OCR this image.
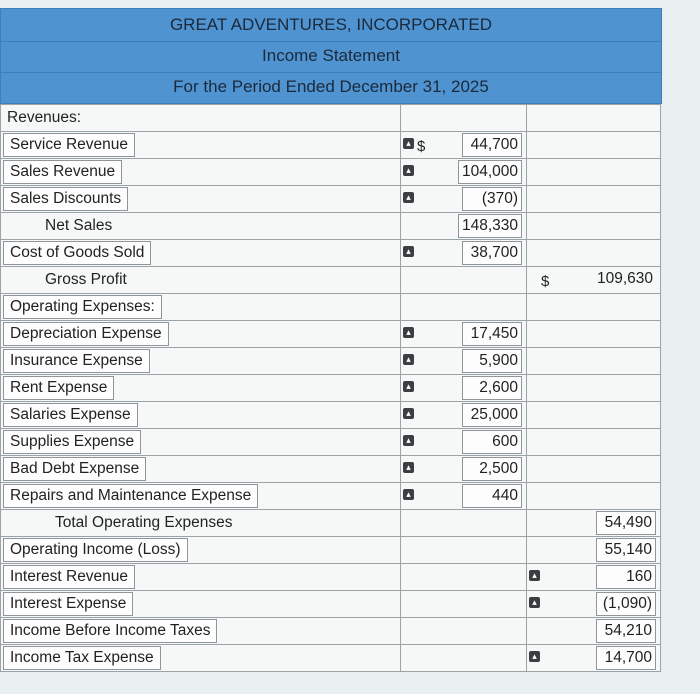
GREAT ADVENTURES, INCORPORATED
Income Statement
For the Period Ended December 31, 2025
Revenues:		
Service Revenue	▴ $ 44,700	

Sales Revenue	▴ 104,000	

Sales Discounts	▴ (370)	

Net Sales	148,330	

Cost of Goods Sold	▴ 38,700	

Gross Profit		$ 109,630

Operating Expenses:		
Depreciation Expense	▴ 17,450	

Insurance Expense	▴ 5,900	

Rent Expense	▴ 2,600	

Salaries Expense	▴ 25,000	

Supplies Expense	▴ 600	

Bad Debt Expense	▴ 2,500	

Repairs and Maintenance Expense	▴ 440	

Total Operating Expenses		54,490

Operating Income (Loss)		55,140

Interest Revenue		▴ 160

Interest Expense		▴ (1,090)

Income Before Income Taxes		54,210

Income Tax Expense		▴ 14,700
